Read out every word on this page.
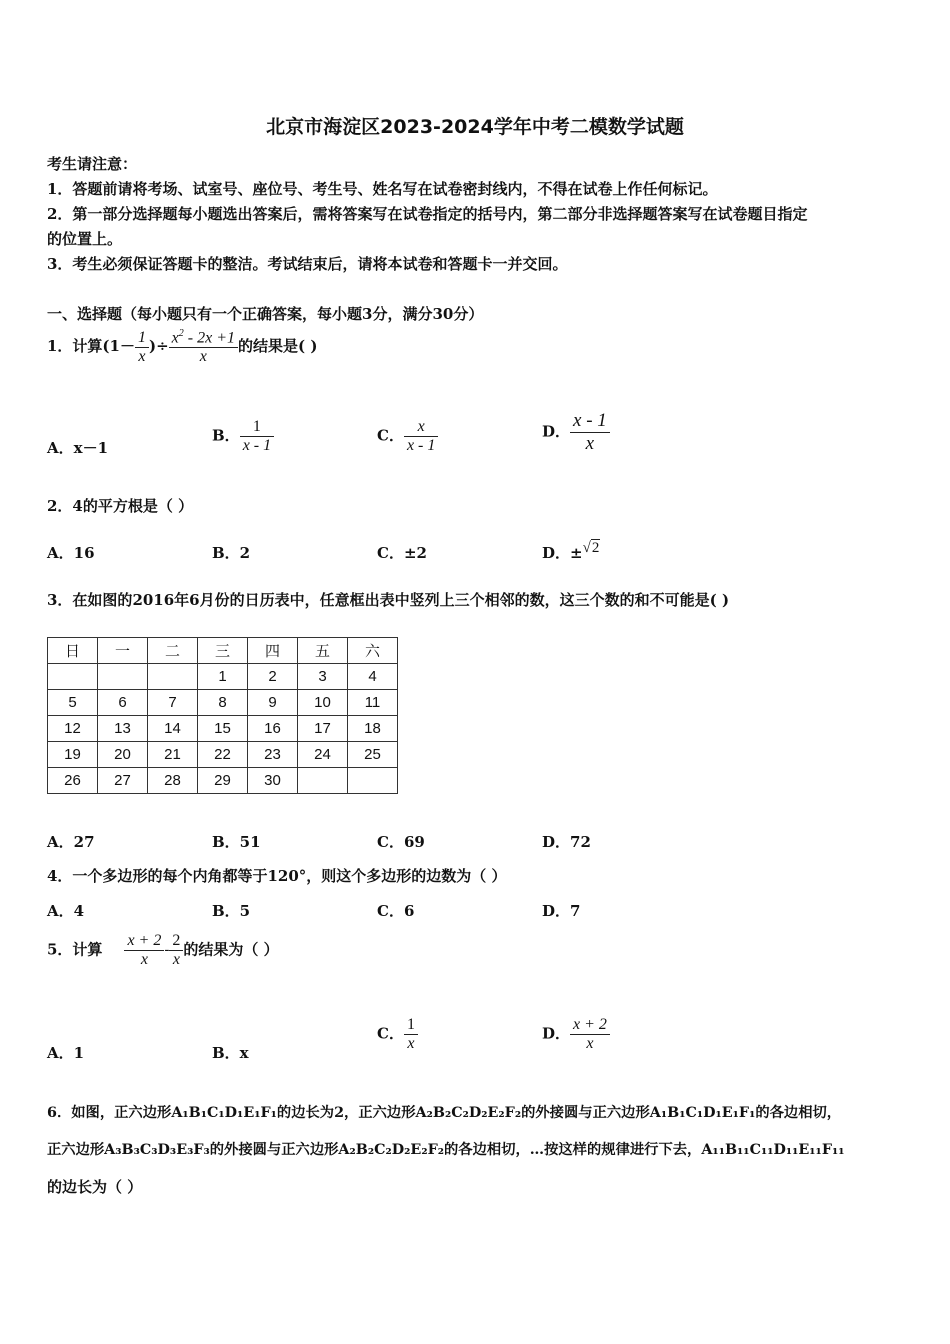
北京市海淀区2023-2024学年中考二模数学试题
考生请注意：
1．答题前请将考场、试室号、座位号、考生号、姓名写在试卷密封线内，不得在试卷上作任何标记。
2．第一部分选择题每小题选出答案后，需将答案写在试卷指定的括号内，第二部分非选择题答案写在试卷题目指定
的位置上。
3．考生必须保证答题卡的整洁。考试结束后，请将本试卷和答题卡一并交回。
一、选择题（每小题只有一个正确答案，每小题3分，满分30分）
1．计算($1- \frac{1}{x}$ )÷ $\frac{x^2 - 2x +1}{x}$ 的结果是( )
A．x－1
B． $\frac{1}{x - 1}$	C． $\frac{x}{x - 1}$	D． $\frac{x - 1}{x}$
2．4的平方根是（ ）
A．16	B．2	C．±2	D．±√2
3．在如图的2016年6月份的日历表中，任意框出表中竖列上三个相邻的数，这三个数的和不可能是( )
日	一	二	三	四	五	六
			1	2	3	4
5	6	7	8	9	10	11
12	13	14	15	16	17	18
19	20	21	22	23	24	25
26	27	28	29	30		
A．27	B．51	C．69	D．72
4．一个多边形的每个内角都等于120°，则这个多边形的边数为（ ）
A．4	B．5	C．6	D．7
5．计算 $\frac{x + 2}{x} - \frac{2}{x}$ 的结果为（ ）
A．1	B．x
C． $\frac{1}{x}$	D． $\frac{x + 2}{x}$
6．如图，正六边形A₁B₁C₁D₁E₁F₁的边长为2，正六边形A₂B₂C₂D₂E₂F₂的外接圆与正六边形A₁B₁C₁D₁E₁F₁的各边相切，
正六边形A₃B₃C₃D₃E₃F₃的外接圆与正六边形A₂B₂C₂D₂E₂F₂的各边相切，…按这样的规律进行下去，A₁₁B₁₁C₁₁D₁₁E₁₁F₁₁
的边长为（ ）
